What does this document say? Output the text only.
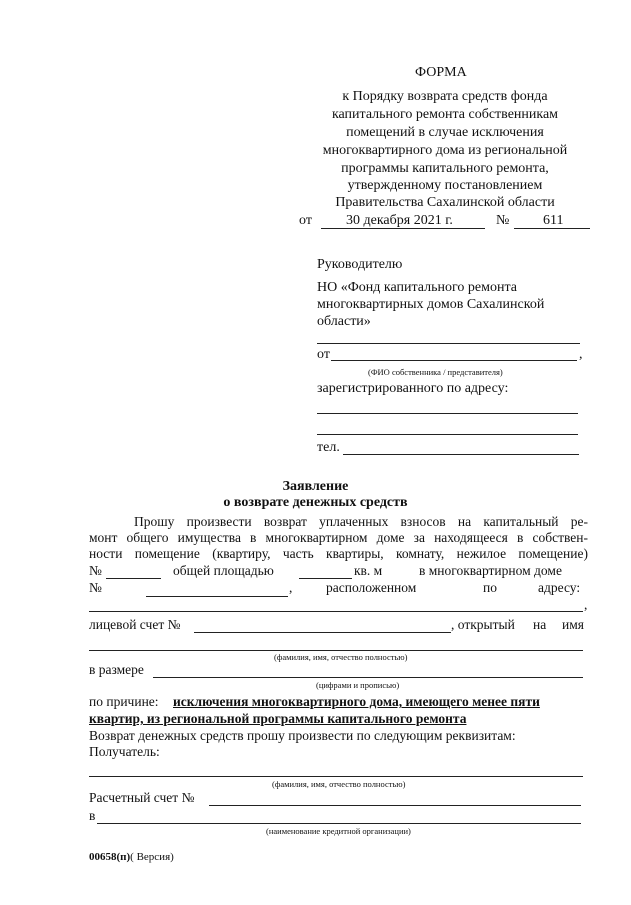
ФОРМА
к Порядку возврата средств фонда
капитального ремонта собственникам
помещений в случае исключения
многоквартирного дома из региональной
программы капитального ремонта,
утвержденному постановлением
Правительства Сахалинской области
от 30 декабря 2021 г.	№ 611
Руководителю
НО «Фонд капитального ремонта
многоквартирных домов Сахалинской
области»
от	,
(ФИО собственника / представителя)
зарегистрированного по адресу:
тел.
Заявление
о возврате денежных средств
Прошу произвести возврат уплаченных взносов на капитальный ре-
монт общего имущества в многоквартирном доме за находящееся в собствен-
ности помещение (квартиру, часть квартиры, комнату, нежилое помещение)
№	общей площадью	кв. м	в многоквартирном доме
№	, расположенном	по	адресу:
,
лицевой счет №	, открытый на имя
(фамилия, имя, отчество полностью)
в размере
(цифрами и прописью)
по причине: исключения многоквартирного дома, имеющего менее пяти
квартир, из региональной программы капитального ремонта
Возврат денежных средств прошу произвести по следующим реквизитам:
Получатель:
(фамилия, имя, отчество полностью)
Расчетный счет №
в
(наименование кредитной организации)
00658(п)( Версия)
